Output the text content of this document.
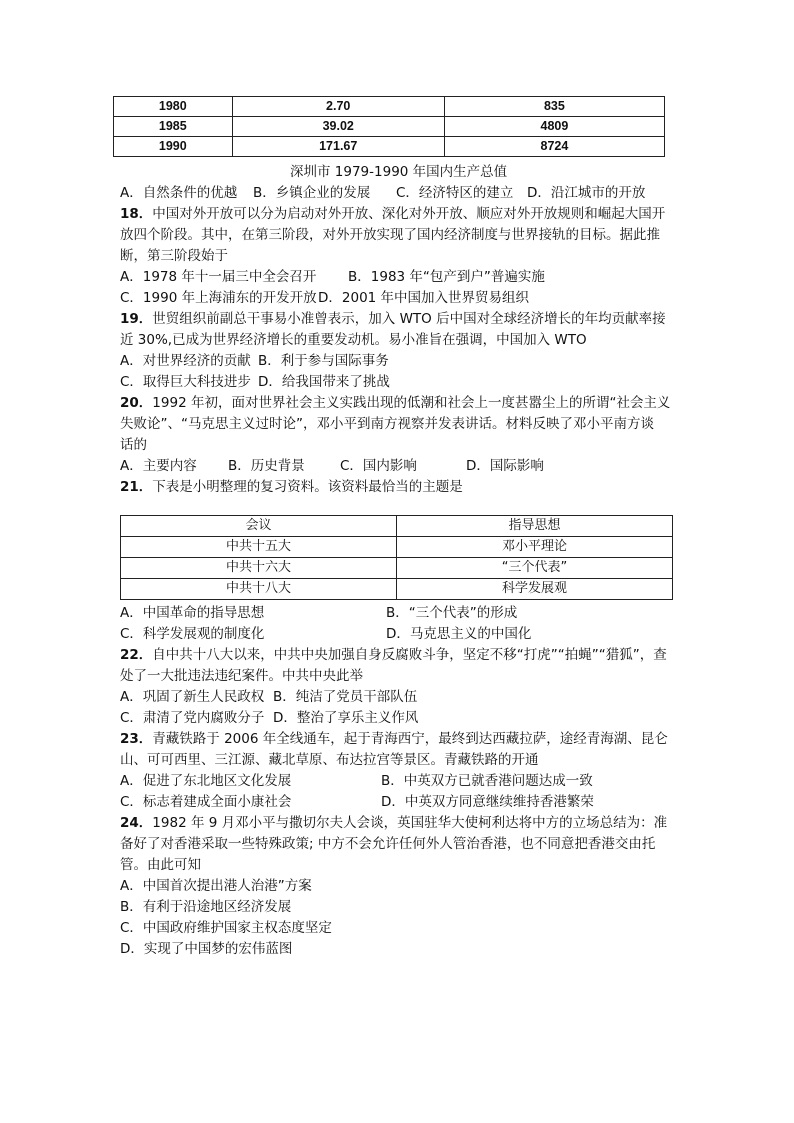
1980	2.70	835
1985	39.02	4809
1990	171.67	8724
深圳市 1979-1990 年国内生产总值
A．自然条件的优越 B．乡镇企业的发展 C．经济特区的建立 D．沿江城市的开放
18．中国对外开放可以分为启动对外开放、深化对外开放、顺应对外开放规则和崛起大国开
放四个阶段。其中，在第三阶段，对外开放实现了国内经济制度与世界接轨的目标。据此推
断，第三阶段始于
A．1978 年十一届三中全会召开 B．1983 年“包产到户”普遍实施
C．1990 年上海浦东的开发开放 D．2001 年中国加入世界贸易组织
19．世贸组织前副总干事易小准曾表示，加入 WTO 后中国对全球经济增长的年均贡献率接
近 30%,已成为世界经济增长的重要发动机。易小准旨在强调，中国加入 WTO
A．对世界经济的贡献 B．利于参与国际事务
C．取得巨大科技进步 D．给我国带来了挑战
20．1992 年初，面对世界社会主义实践出现的低潮和社会上一度甚嚣尘上的所谓“社会主义
失败论”、“马克思主义过时论”，邓小平到南方视察并发表讲话。材料反映了邓小平南方谈
话的
A．主要内容 B．历史背景	C．国内影响	D．国际影响
21．下表是小明整理的复习资料。该资料最恰当的主题是
会议	指导思想
中共十五大	邓小平理论
中共十六大	“三个代表”
中共十八大	科学发展观
A．中国革命的指导思想	B．“三个代表”的形成
C．科学发展观的制度化	D．马克思主义的中国化
22．自中共十八大以来，中共中央加强自身反腐败斗争，坚定不移“打虎”“拍蝇”“猎狐”，查
处了一大批违法违纪案件。中共中央此举
A．巩固了新生人民政权 B．纯洁了党员干部队伍
C．肃清了党内腐败分子 D．整治了享乐主义作风
23．青藏铁路于 2006 年全线通车，起于青海西宁，最终到达西藏拉萨，途经青海湖、昆仑
山、可可西里、三江源、藏北草原、布达拉宫等景区。青藏铁路的开通
A．促进了东北地区文化发展	B．中英双方已就香港问题达成一致
C．标志着建成全面小康社会	D．中英双方同意继续维持香港繁荣
24．1982 年 9 月邓小平与撒切尔夫人会谈，英国驻华大使柯利达将中方的立场总结为：准
备好了对香港采取一些特殊政策; 中方不会允许任何外人管治香港，也不同意把香港交由托
管。由此可知
A．中国首次提出港人治港”方案
B．有利于沿途地区经济发展
C．中国政府维护国家主权态度坚定
D．实现了中国梦的宏伟蓝图
